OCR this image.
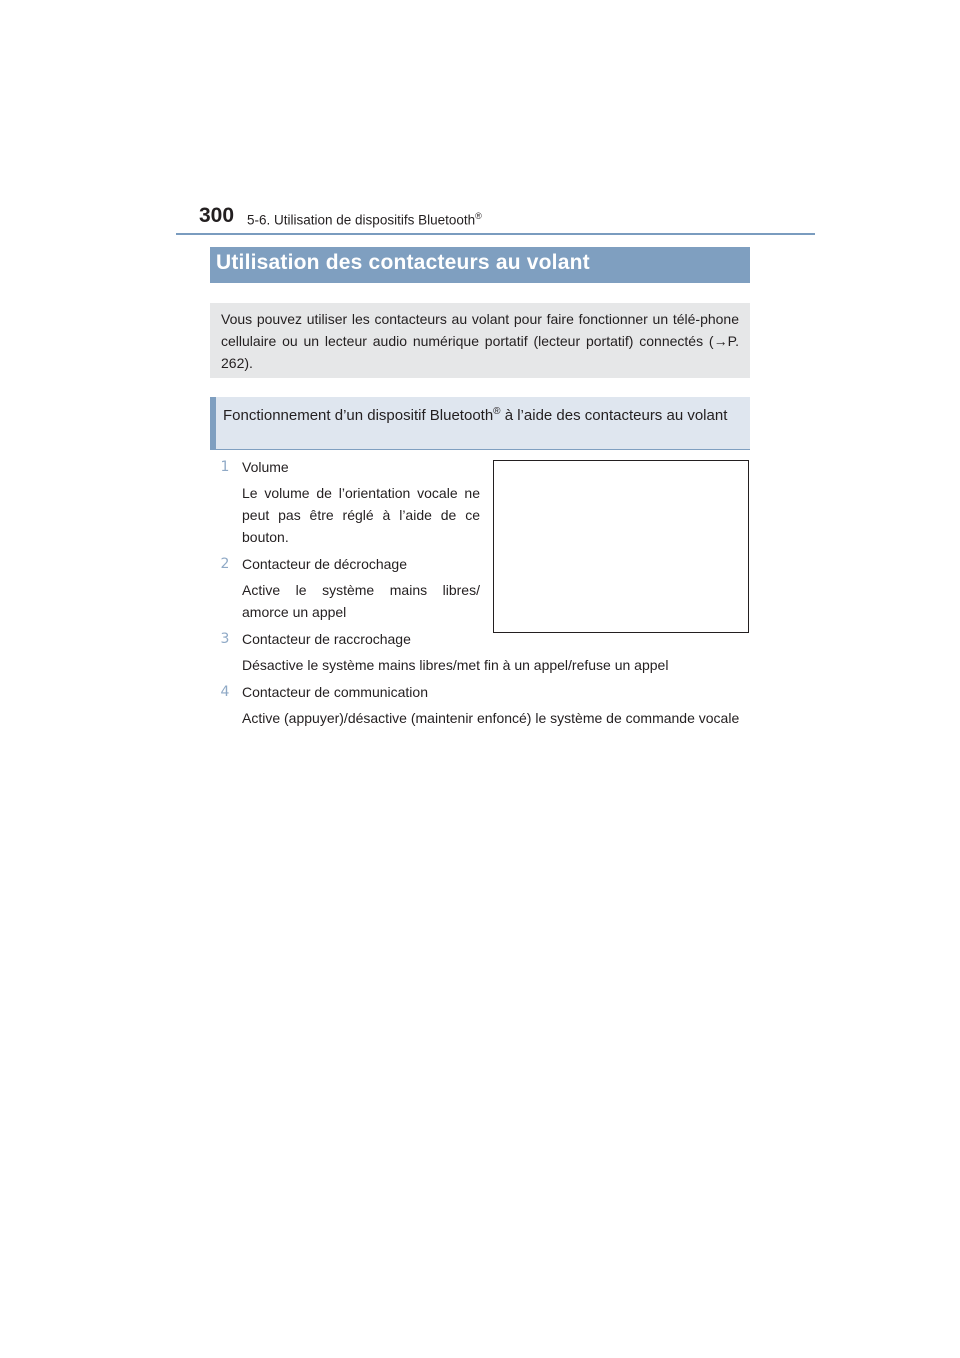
300 5-6. Utilisation de dispositifs Bluetooth®
Utilisation des contacteurs au volant
Vous pouvez utiliser les contacteurs au volant pour faire fonctionner un télé-phone cellulaire ou un lecteur audio numérique portatif (lecteur portatif) connectés (→P. 262).
Fonctionnement d’un dispositif Bluetooth® à l’aide des contacteurs au volant
1 Volume
Le volume de l’orientation vocale ne peut pas être réglé à l’aide de ce bouton.
2 Contacteur de décrochage
Active le système mains libres/ amorce un appel
3 Contacteur de raccrochage
Désactive le système mains libres/met fin à un appel/refuse un appel
4 Contacteur de communication
Active (appuyer)/désactive (maintenir enfoncé) le système de commande vocale
